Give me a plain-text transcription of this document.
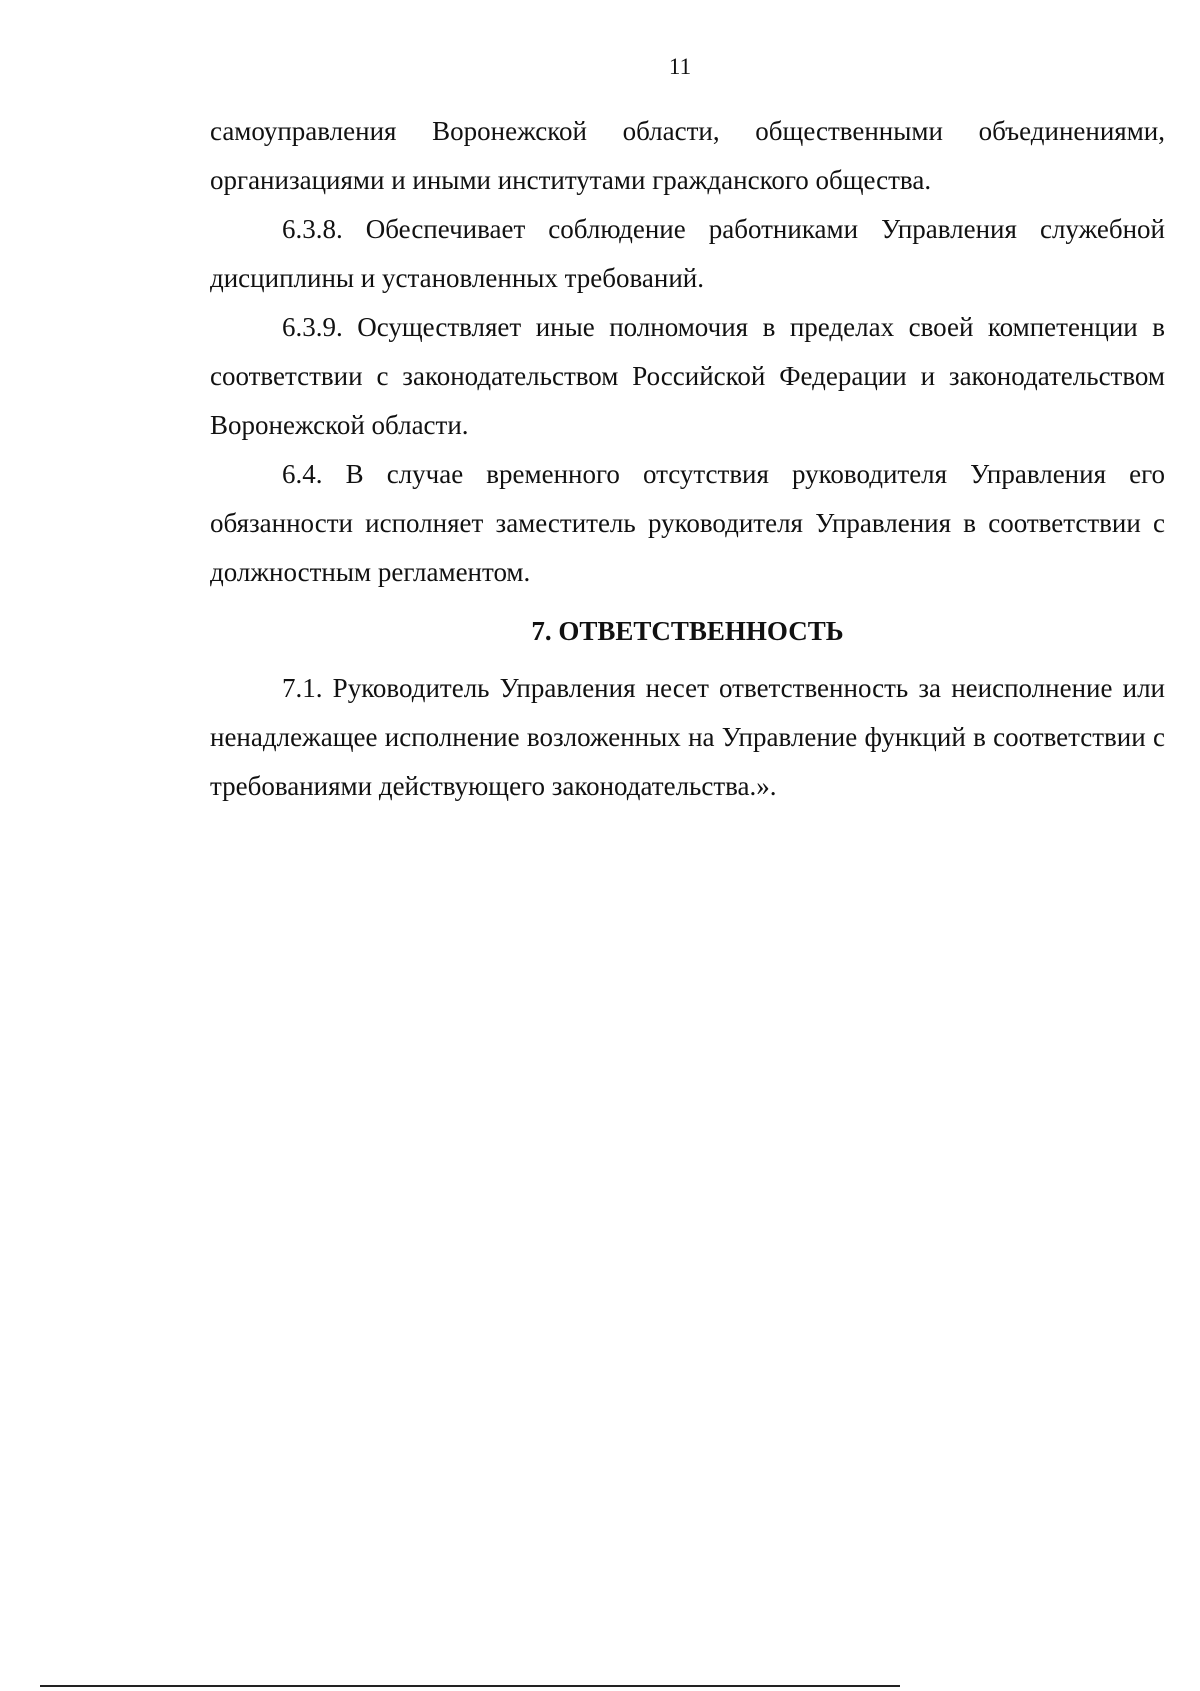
11

самоуправления Воронежской области, общественными объединениями, организациями и иными институтами гражданского общества.

6.3.8. Обеспечивает соблюдение работниками Управления служебной дисциплины и установленных требований.

6.3.9. Осуществляет иные полномочия в пределах своей компетенции в соответствии с законодательством Российской Федерации и законодательством Воронежской области.

6.4. В случае временного отсутствия руководителя Управления его обязанности исполняет заместитель руководителя Управления в соответствии с должностным регламентом.

7. ОТВЕТСТВЕННОСТЬ

7.1. Руководитель Управления несет ответственность за неисполнение или ненадлежащее исполнение возложенных на Управление функций в соответствии с требованиями действующего законодательства.».
